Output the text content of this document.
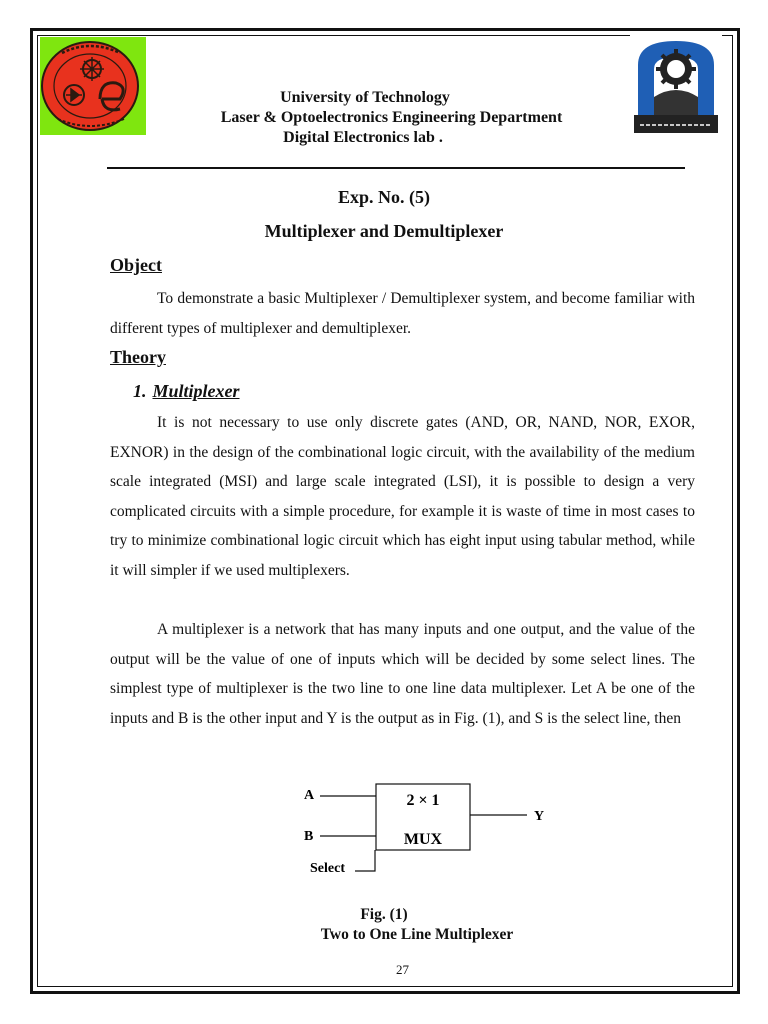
University of Technology
Laser & Optoelectronics Engineering Department
Digital Electronics lab .
Exp. No. (5)
Multiplexer and Demultiplexer
Object

To demonstrate a basic Multiplexer / Demultiplexer system, and become familiar with different types of multiplexer and demultiplexer.

Theory
1. Multiplexer

It is not necessary to use only discrete gates (AND, OR, NAND, NOR, EXOR, EXNOR) in the design of the combinational logic circuit, with the availability of the medium scale integrated (MSI) and large scale integrated (LSI), it is possible to design a very complicated circuits with a simple procedure, for example it is waste of time in most cases to try to minimize combinational logic circuit which has eight input using tabular method, while it will simpler if we used multiplexers.

A multiplexer is a network that has many inputs and one output, and the value of the output will be the value of one of inputs which will be decided by some select lines. The simplest type of multiplexer is the two line to one line data multiplexer. Let A be one of the inputs and B is the other input and Y is the output as in Fig. (1), and S is the select line, then

A
B
Y
Select
2 × 1
MUX
Fig. (1)
Two to One Line Multiplexer
27
